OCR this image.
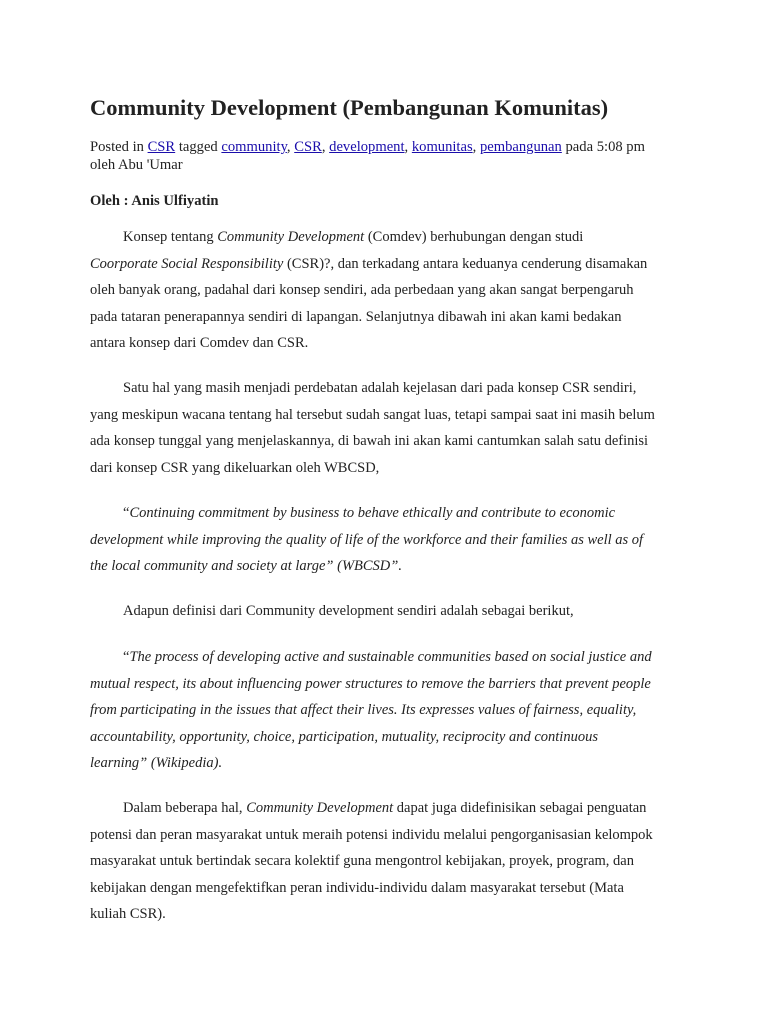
Community Development (Pembangunan Komunitas)
Posted in CSR tagged community, CSR, development, komunitas, pembangunan pada 5:08 pm
oleh Abu 'Umar
Oleh : Anis Ulfiyatin
Konsep tentang Community Development (Comdev) berhubungan dengan studi
Coorporate Social Responsibility (CSR)?, dan terkadang antara keduanya cenderung disamakan
oleh banyak orang, padahal dari konsep sendiri, ada perbedaan yang akan sangat berpengaruh
pada tataran penerapannya sendiri di lapangan. Selanjutnya dibawah ini akan kami bedakan
antara konsep dari Comdev dan CSR.
Satu hal yang masih menjadi perdebatan adalah kejelasan dari pada konsep CSR sendiri,
yang meskipun wacana tentang hal tersebut sudah sangat luas, tetapi sampai saat ini masih belum
ada konsep tunggal yang menjelaskannya, di bawah ini akan kami cantumkan salah satu definisi
dari konsep CSR yang dikeluarkan oleh WBCSD,
“Continuing commitment by business to behave ethically and contribute to economic
development while improving the quality of life of the workforce and their families as well as of
the local community and society at large” (WBCSD”.
Adapun definisi dari Community development sendiri adalah sebagai berikut,
“The process of developing active and sustainable communities based on social justice and
mutual respect, its about influencing power structures to remove the barriers that prevent people
from participating in the issues that affect their lives. Its expresses values of fairness, equality,
accountability, opportunity, choice, participation, mutuality, reciprocity and continuous
learning” (Wikipedia).
Dalam beberapa hal, Community Development dapat juga didefinisikan sebagai penguatan
potensi dan peran masyarakat untuk meraih potensi individu melalui pengorganisasian kelompok
masyarakat untuk bertindak secara kolektif guna mengontrol kebijakan, proyek, program, dan
kebijakan dengan mengefektifkan peran individu-individu dalam masyarakat tersebut (Mata
kuliah CSR).
